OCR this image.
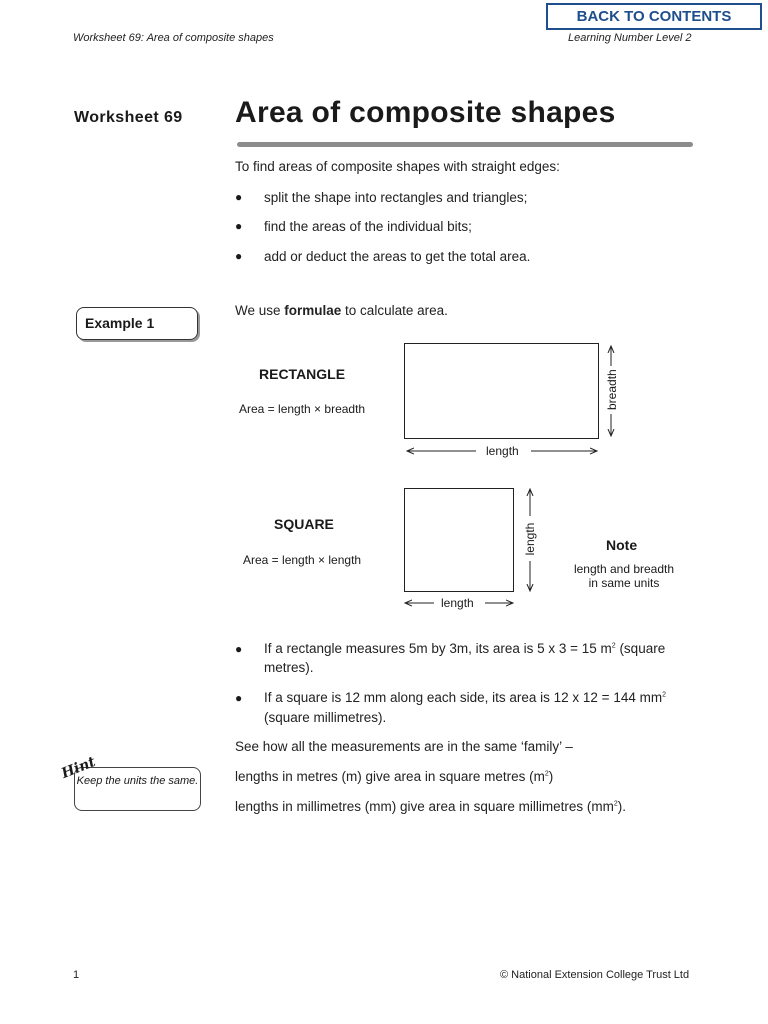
Worksheet 69: Area of composite shapes	Learning Number Level 2
BACK TO CONTENTS
Worksheet 69 Area of composite shapes
To find areas of composite shapes with straight edges:
● split the shape into rectangles and triangles;
● find the areas of the individual bits;
● add or deduct the areas to get the total area.
Example 1
We use formulae to calculate area.
RECTANGLE
Area = length × breadth	breadth
length
SQUARE
Area = length × length
length
length
Note
length and breadth
in same units
● If a rectangle measures 5m by 3m, its area is 5 x 3 = 15 $m^2$ (square
metres).
● If a square is 12 mm along each side, its area is 12 x 12 = 144 $mm^2$
(square millimetres).
See how all the measurements are in the same ‘family’ –
lengths in metres (m) give area in square metres $(m^2)$
lengths in millimetres (mm) give area in square millimetres $(mm^2)$.
Keep the units the same.
Hint
1	© National Extension College Trust Ltd
